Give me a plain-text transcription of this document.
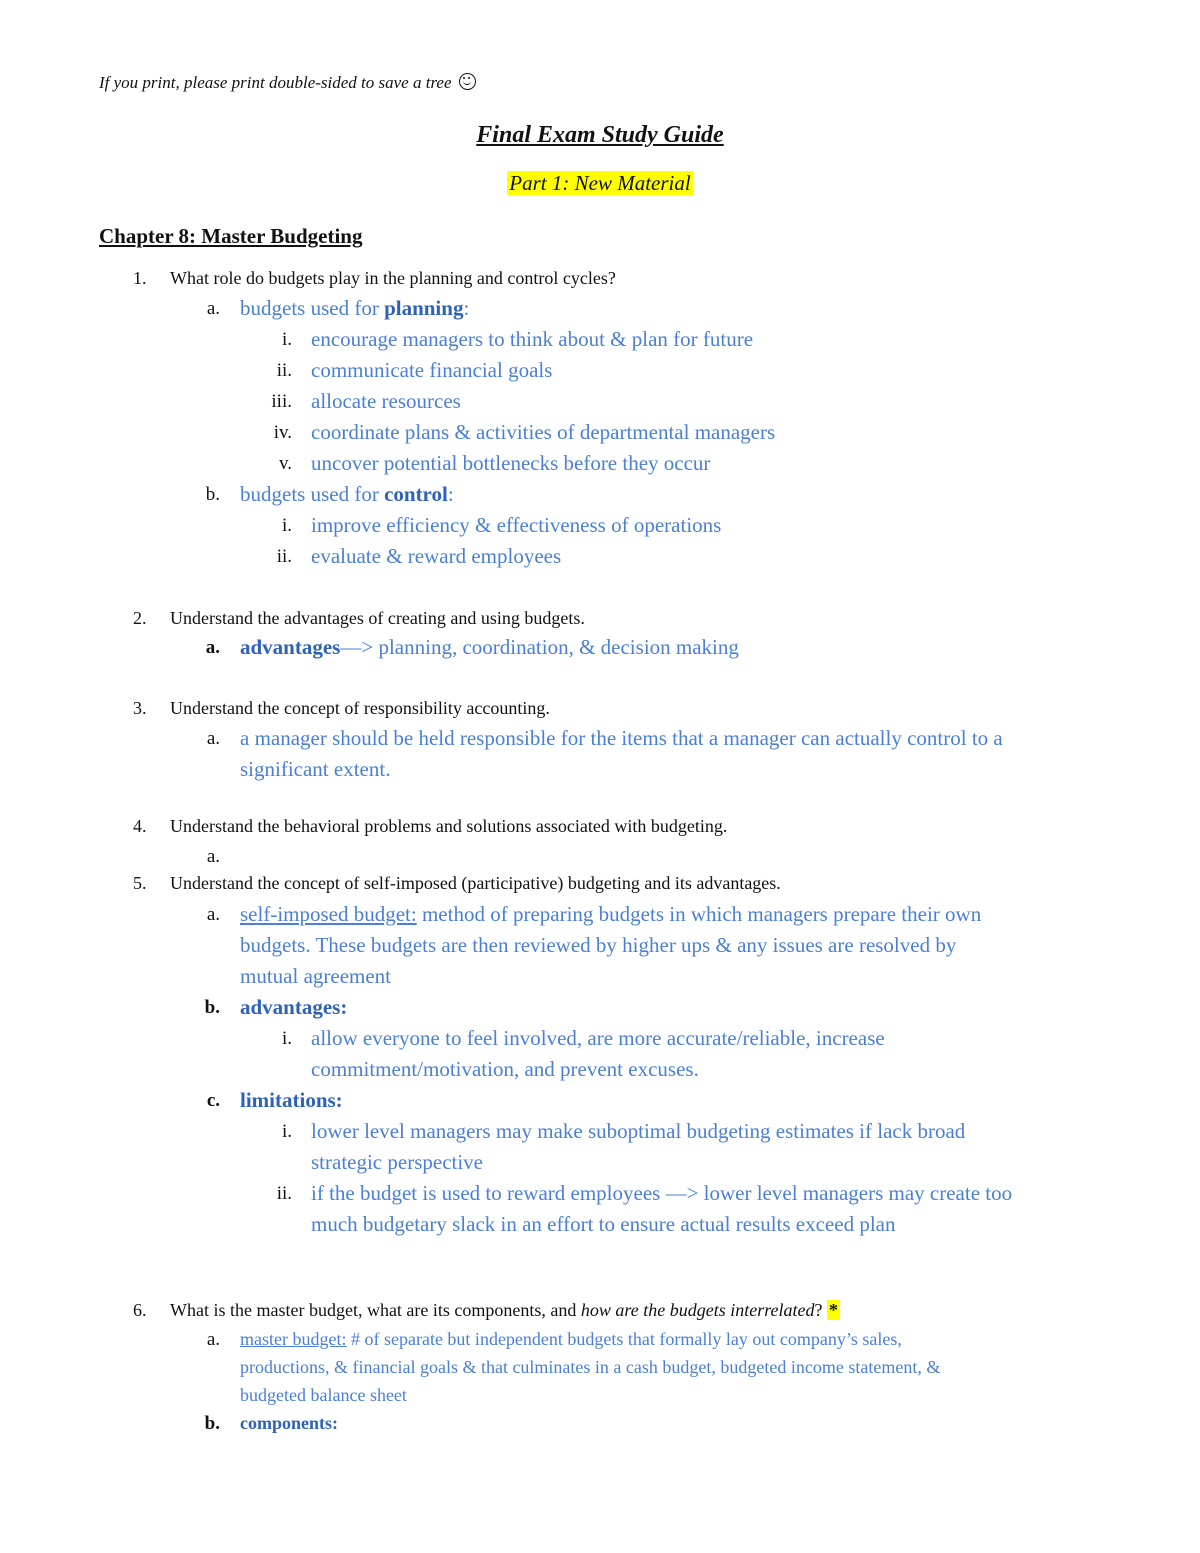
If you print, please print double-sided to save a tree
Final Exam Study Guide
Part 1: New Material
Chapter 8: Master Budgeting
1. What role do budgets play in the planning and control cycles?
a. budgets used for planning:
i. encourage managers to think about & plan for future
ii. communicate financial goals
iii. allocate resources
iv. coordinate plans & activities of departmental managers
v. uncover potential bottlenecks before they occur
b. budgets used for control:
i. improve efficiency & effectiveness of operations
ii. evaluate & reward employees
2. Understand the advantages of creating and using budgets.
a. advantages—> planning, coordination, & decision making
3. Understand the concept of responsibility accounting.
a. a manager should be held responsible for the items that a manager can actually control to a
significant extent.
4. Understand the behavioral problems and solutions associated with budgeting.
a.
5. Understand the concept of self-imposed (participative) budgeting and its advantages.
a. self-imposed budget: method of preparing budgets in which managers prepare their own
budgets. These budgets are then reviewed by higher ups & any issues are resolved by
mutual agreement
b. advantages:
i. allow everyone to feel involved, are more accurate/reliable, increase
commitment/motivation, and prevent excuses.
c. limitations:
i. lower level managers may make suboptimal budgeting estimates if lack broad
strategic perspective
ii. if the budget is used to reward employees —> lower level managers may create too
much budgetary slack in an effort to ensure actual results exceed plan
6. What is the master budget, what are its components, and how are the budgets interrelated? *
a. master budget: # of separate but independent budgets that formally lay out company’s sales,
productions, & financial goals & that culminates in a cash budget, budgeted income statement, &
budgeted balance sheet
b. components:
